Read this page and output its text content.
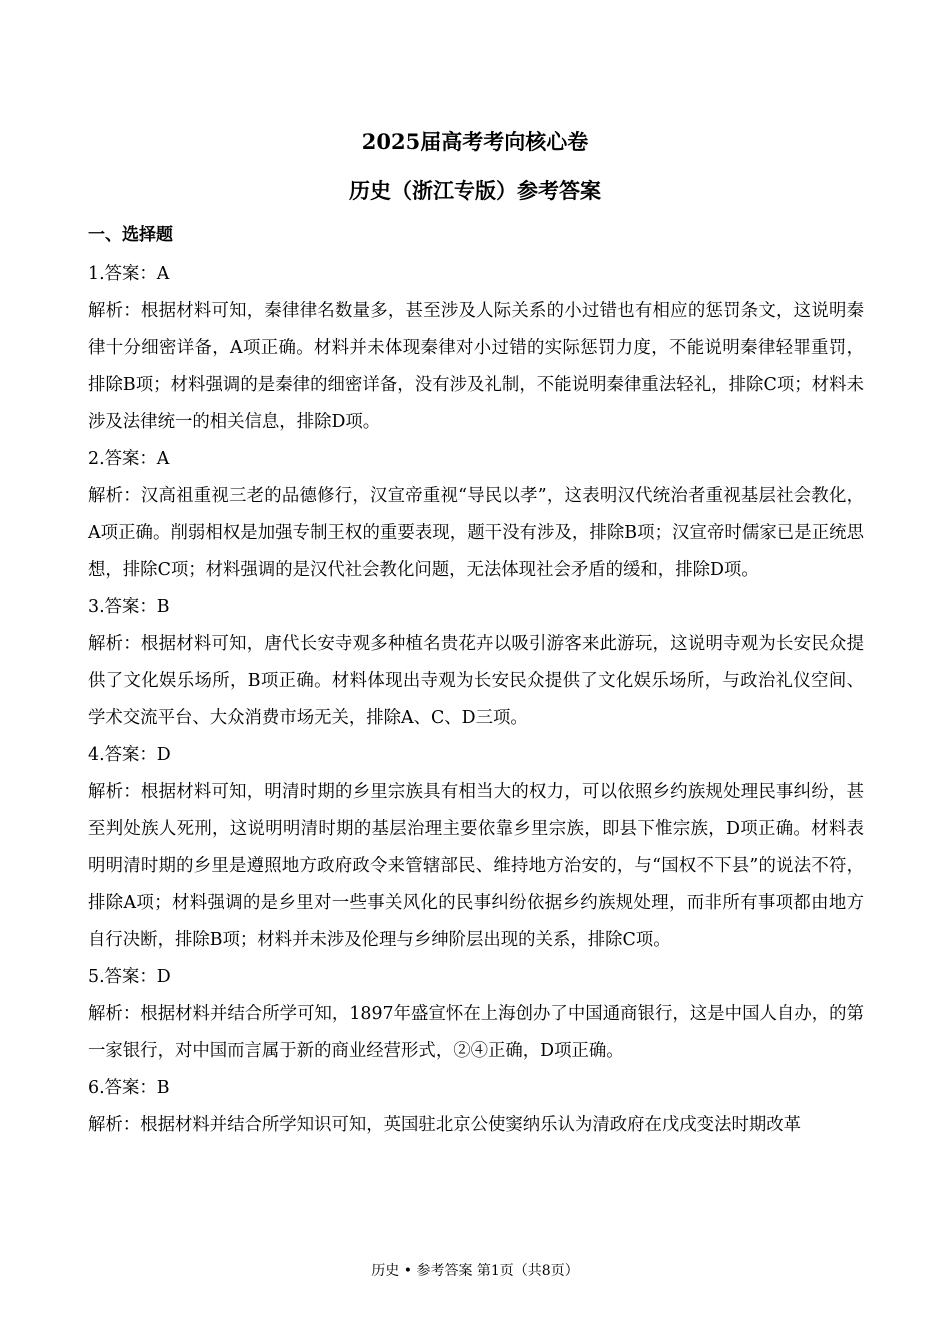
2025届高考考向核心卷
历史（浙江专版）参考答案
一、选择题
1.答案：A
解析：根据材料可知，秦律律名数量多，甚至涉及人际关系的小过错也有相应的惩罚条文，这说明秦律十分细密详备，A项正确。材料并未体现秦律对小过错的实际惩罚力度，不能说明秦律轻罪重罚，排除B项；材料强调的是秦律的细密详备，没有涉及礼制，不能说明秦律重法轻礼，排除C项；材料未涉及法律统一的相关信息，排除D项。
2.答案：A
解析：汉高祖重视三老的品德修行，汉宣帝重视“导民以孝”，这表明汉代统治者重视基层社会教化，A项正确。削弱相权是加强专制王权的重要表现，题干没有涉及，排除B项；汉宣帝时儒家已是正统思想，排除C项；材料强调的是汉代社会教化问题，无法体现社会矛盾的缓和，排除D项。
3.答案：B
解析：根据材料可知，唐代长安寺观多种植名贵花卉以吸引游客来此游玩，这说明寺观为长安民众提供了文化娱乐场所，B项正确。材料体现出寺观为长安民众提供了文化娱乐场所，与政治礼仪空间、学术交流平台、大众消费市场无关，排除A、C、D三项。
4.答案：D
解析：根据材料可知，明清时期的乡里宗族具有相当大的权力，可以依照乡约族规处理民事纠纷，甚至判处族人死刑，这说明明清时期的基层治理主要依靠乡里宗族，即县下惟宗族，D项正确。材料表明明清时期的乡里是遵照地方政府政令来管辖部民、维持地方治安的，与“国权不下县”的说法不符，排除A项；材料强调的是乡里对一些事关风化的民事纠纷依据乡约族规处理，而非所有事项都由地方自行决断，排除B项；材料并未涉及伦理与乡绅阶层出现的关系，排除C项。
5.答案：D
解析：根据材料并结合所学可知，1897年盛宣怀在上海创办了中国通商银行，这是中国人自办，的第一家银行，对中国而言属于新的商业经营形式，②④正确，D项正确。
6.答案：B
解析：根据材料并结合所学知识可知，英国驻北京公使窦纳乐认为清政府在戊戌变法时期改革
历史 • 参考答案 第1页（共8页）
